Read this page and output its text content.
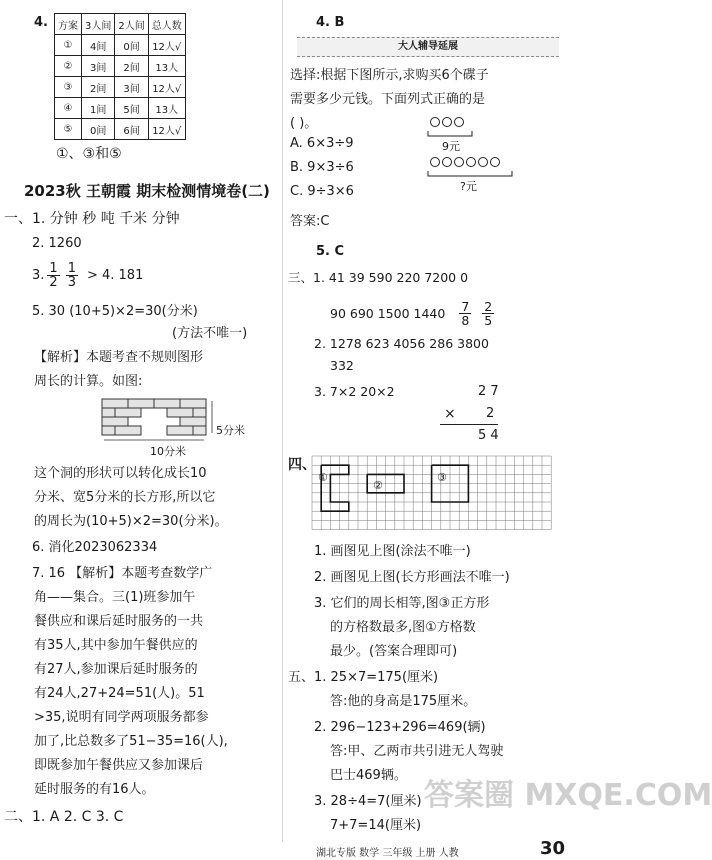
4. 方案	3人间	2人间	总人数
①	4间	0间	12人√
②	3间	2间	13人
③	2间	3间	12人√
④	1间	5间	13人
⑤	0间	6间	12人√
①、③和⑤
2023秋 王朝霞 期末检测情境卷(二)
一、1. 分钟 秒 吨 千米 分钟
2. 1260
3. $\frac{1}{2} \frac{1}{3} > 4$. 181
5. 30 (10+5)×2=30(分米)
(方法不唯一)
【解析】本题考查不规则图形
周长的计算。如图:
5分米
10分米
这个洞的形状可以转化成长10
分米、宽5分米的长方形,所以它
的周长为(10+5)×2=30(分米)。
6. 消化2023062334
7. 16 【解析】本题考查数学广
角——集合。三(1)班参加午
餐供应和课后延时服务的一共
有35人,其中参加午餐供应的
有27人,参加课后延时服务的
有24人,27+24=51(人)。51
>35,说明有同学两项服务都参
加了,比总数多了51−35=16(人),
即既参加午餐供应又参加课后
延时服务的有16人。
二、1. A 2. C 3. C
4. B
大人辅导延展
选择:根据下图所示,求购买6个碟子
需要多少元钱。下面列式正确的是
( )。
A. 6×3÷9
B. 9×3÷6
C. 9÷3×6
答案:C
9元
?元
5. C
三、1. 41 39 590 220 7200 0
90 690 1500 $1440 \frac{7}{8} \frac{2}{5}$
2. 1278 623 4056 286 3800
332
3. 7×2 20×2	2 7
× 2
5 4
四、
①
②
③
1. 画图见上图(涂法不唯一)
2. 画图见上图(长方形画法不唯一)
3. 它们的周长相等,图③正方形
的方格数最多,图①方格数
最少。(答案合理即可)
五、1. 25×7=175(厘米)
答:他的身高是175厘米。
2. 296−123+296=469(辆)
答:甲、乙两市共引进无人驾驶
巴士469辆。
3. 28÷4=7(厘米)
7+7=14(厘米)
答案圈 MXQE.COM
湖北专版 数学 三年级 上册 人教	30
